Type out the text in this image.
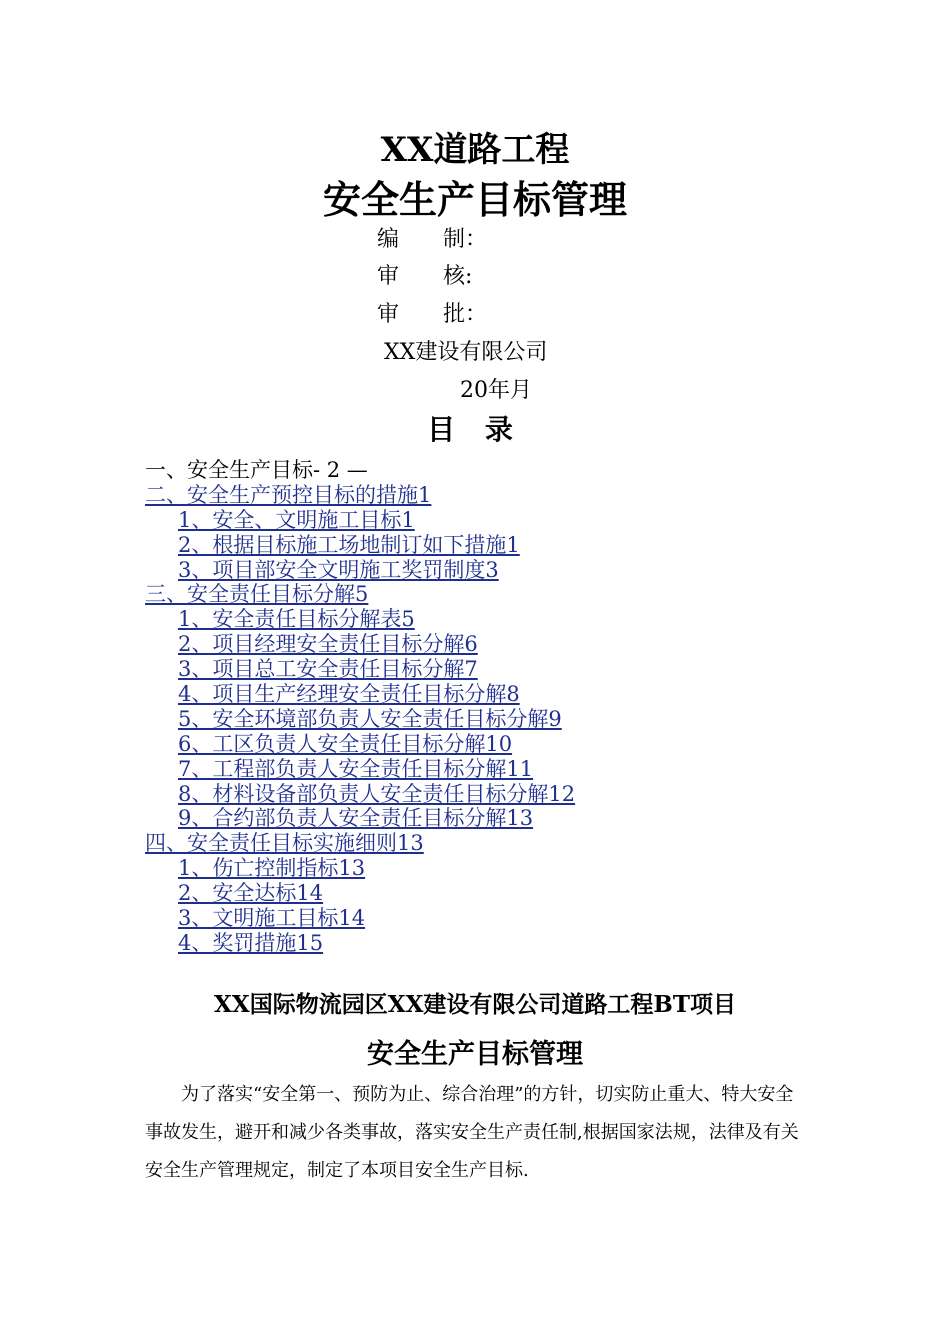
XX道路工程
安全生产目标管理
编　　制：
审　　核:
审　　批：
XX建设有限公司
20年月
目 录
一、安全生产目标- 2 —
二、安全生产预控目标的措施1
1、安全、文明施工目标1
2、根据目标施工场地制订如下措施1
3、项目部安全文明施工奖罚制度3
三、安全责任目标分解5
1、安全责任目标分解表5
2、项目经理安全责任目标分解6
3、项目总工安全责任目标分解7
4、项目生产经理安全责任目标分解8
5、安全环境部负责人安全责任目标分解9
6、工区负责人安全责任目标分解10
7、工程部负责人安全责任目标分解11
8、材料设备部负责人安全责任目标分解12
9、合约部负责人安全责任目标分解13
四、安全责任目标实施细则13
1、伤亡控制指标13
2、安全达标14
3、文明施工目标14
4、奖罚措施15
XX国际物流园区XX建设有限公司道路工程BT项目
安全生产目标管理
为了落实“安全第一、预防为止、综合治理”的方针，切实防止重大、特大安全事故发生，避开和减少各类事故，落实安全生产责任制,根据国家法规，法律及有关安全生产管理规定，制定了本项目安全生产目标.
